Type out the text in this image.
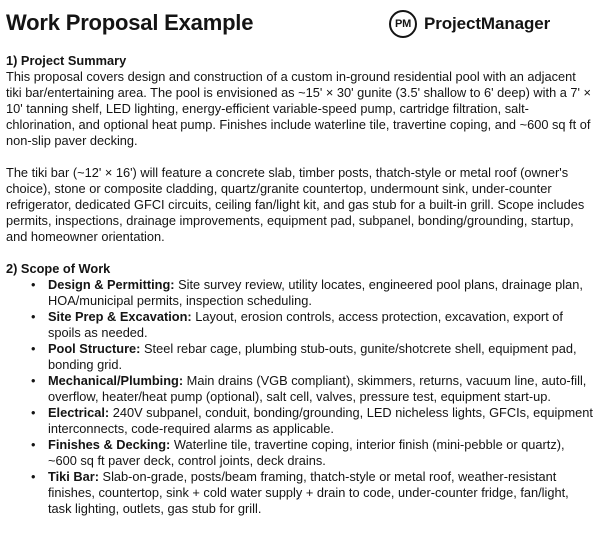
Work Proposal Example	PM ProjectManager

1) Project Summary

This proposal covers design and construction of a custom in-ground residential pool with an adjacent tiki bar/entertaining area. The pool is envisioned as ~15' × 30' gunite (3.5' shallow to 6' deep) with a 7' × 10' tanning shelf, LED lighting, energy-efficient variable-speed pump, cartridge filtration, salt-chlorination, and optional heat pump. Finishes include waterline tile, travertine coping, and ~600 sq ft of non-slip paver decking.

The tiki bar (~12' × 16') will feature a concrete slab, timber posts, thatch-style or metal roof (owner's choice), stone or composite cladding, quartz/granite countertop, undermount sink, under-counter refrigerator, dedicated GFCI circuits, ceiling fan/light kit, and gas stub for a built-in grill. Scope includes permits, inspections, drainage improvements, equipment pad, subpanel, bonding/grounding, startup, and homeowner orientation.

2) Scope of Work

• Design & Permitting: Site survey review, utility locates, engineered pool plans, drainage plan, HOA/municipal permits, inspection scheduling.
• Site Prep & Excavation: Layout, erosion controls, access protection, excavation, export of spoils as needed.
• Pool Structure: Steel rebar cage, plumbing stub-outs, gunite/shotcrete shell, equipment pad, bonding grid.
• Mechanical/Plumbing: Main drains (VGB compliant), skimmers, returns, vacuum line, auto-fill, overflow, heater/heat pump (optional), salt cell, valves, pressure test, equipment start-up.
• Electrical: 240V subpanel, conduit, bonding/grounding, LED nicheless lights, GFCIs, equipment interconnects, code-required alarms as applicable.
• Finishes & Decking: Waterline tile, travertine coping, interior finish (mini-pebble or quartz), ~600 sq ft paver deck, control joints, deck drains.
• Tiki Bar: Slab-on-grade, posts/beam framing, thatch-style or metal roof, weather-resistant finishes, countertop, sink + cold water supply + drain to code, under-counter fridge, fan/light, task lighting, outlets, gas stub for grill.
